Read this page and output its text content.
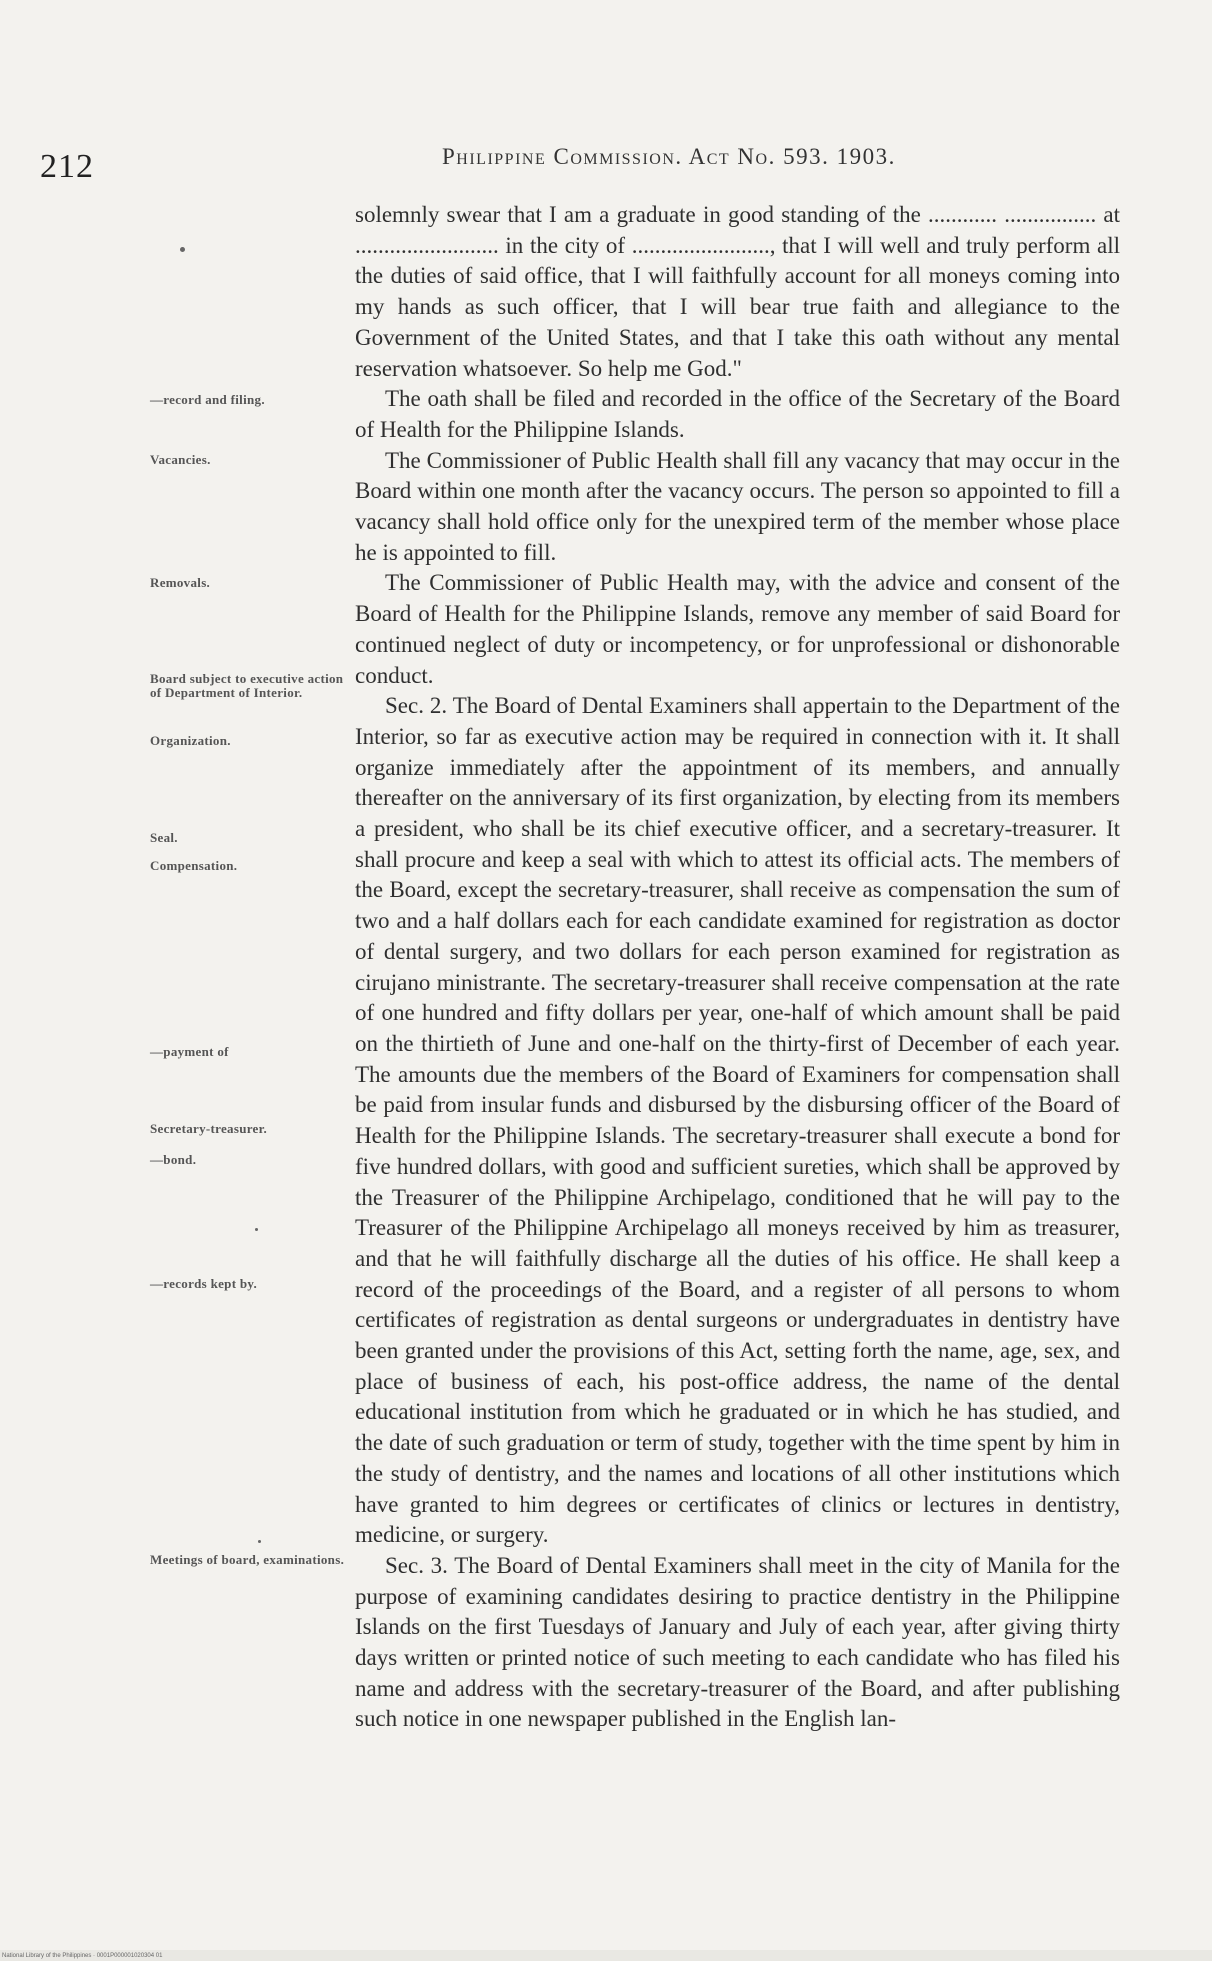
212	Philippine Commission. Act No. 593. 1903.
—record and filing.
Vacancies.
Removals.
Board subject to executive action of Department of Interior.
Organization.
Seal.
Compensation.
—payment of
Secretary-treasurer.
—bond.
—records kept by.
Meetings of board, examinations.

solemnly swear that I am a graduate in good standing of the ............ ................ at ......................... in the city of ........................, that I will well and truly perform all the duties of said office, that I will faithfully account for all moneys coming into my hands as such officer, that I will bear true faith and allegiance to the Government of the United States, and that I take this oath without any mental reservation whatsoever. So help me God."

The oath shall be filed and recorded in the office of the Secretary of the Board of Health for the Philippine Islands.

The Commissioner of Public Health shall fill any vacancy that may occur in the Board within one month after the vacancy occurs. The person so appointed to fill a vacancy shall hold office only for the unexpired term of the member whose place he is appointed to fill.

The Commissioner of Public Health may, with the advice and consent of the Board of Health for the Philippine Islands, remove any member of said Board for continued neglect of duty or incompetency, or for unprofessional or dishonorable conduct.

Sec. 2. The Board of Dental Examiners shall appertain to the Department of the Interior, so far as executive action may be required in connection with it. It shall organize immediately after the appointment of its members, and annually thereafter on the anniversary of its first organization, by electing from its members a president, who shall be its chief executive officer, and a secretary-treasurer. It shall procure and keep a seal with which to attest its official acts. The members of the Board, except the secretary-treasurer, shall receive as compensation the sum of two and a half dollars each for each candidate examined for registration as doctor of dental surgery, and two dollars for each person examined for registration as cirujano ministrante. The secretary-treasurer shall receive compensation at the rate of one hundred and fifty dollars per year, one-half of which amount shall be paid on the thirtieth of June and one-half on the thirty-first of December of each year. The amounts due the members of the Board of Examiners for compensation shall be paid from insular funds and disbursed by the disbursing officer of the Board of Health for the Philippine Islands. The secretary-treasurer shall execute a bond for five hundred dollars, with good and sufficient sureties, which shall be approved by the Treasurer of the Philippine Archipelago, conditioned that he will pay to the Treasurer of the Philippine Archipelago all moneys received by him as treasurer, and that he will faithfully discharge all the duties of his office. He shall keep a record of the proceedings of the Board, and a register of all persons to whom certificates of registration as dental surgeons or undergraduates in dentistry have been granted under the provisions of this Act, setting forth the name, age, sex, and place of business of each, his post-office address, the name of the dental educational institution from which he graduated or in which he has studied, and the date of such graduation or term of study, together with the time spent by him in the study of dentistry, and the names and locations of all other institutions which have granted to him degrees or certificates of clinics or lectures in dentistry, medicine, or surgery.

Sec. 3. The Board of Dental Examiners shall meet in the city of Manila for the purpose of examining candidates desiring to practice dentistry in the Philippine Islands on the first Tuesdays of January and July of each year, after giving thirty days written or printed notice of such meeting to each candidate who has filed his name and address with the secretary-treasurer of the Board, and after publishing such notice in one newspaper published in the English lan-

National Library of the Philippines · 0001P000001020304 01
